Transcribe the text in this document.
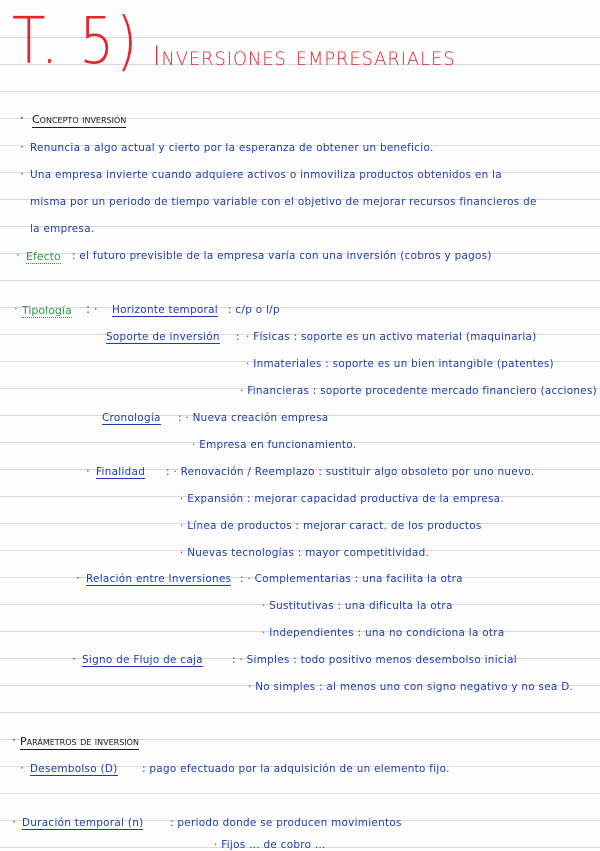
T. 5) Inversiones empresariales
· Concepto inversión
· Renuncia a algo actual y cierto por la esperanza de obtener un beneficio.
· Una empresa invierte cuando adquiere activos o inmoviliza productos obtenidos en la
misma por un periodo de tiempo variable con el objetivo de mejorar recursos financieros de
la empresa.
· Efecto : el futuro previsible de la empresa varía con una inversión (cobros y pagos)
· Tipología : · Horizonte temporal : c/p o l/p
Soporte de inversión : · Físicas : soporte es un activo material (maquinaria)
· Inmateriales : soporte es un bien intangible (patentes)
· Financieras : soporte procedente mercado financiero (acciones)
Cronología : · Nueva creación empresa
· Empresa en funcionamiento.
· Finalidad : · Renovación / Reemplazo : sustituir algo obsoleto por uno nuevo.
· Expansión : mejorar capacidad productiva de la empresa.
· Línea de productos : mejorar caract. de los productos
· Nuevas tecnologías : mayor competitividad.
· Relación entre Inversiones : · Complementarias : una facilita la otra
· Sustitutivas : una dificulta la otra
· Independientes : una no condiciona la otra
· Signo de Flujo de caja	: · Simples : todo positivo menos desembolso inicial
· No simples : al menos uno con signo negativo y no sea D.
· Parámetros de inversión
· Desembolso (D) : pago efectuado por la adquisición de un elemento fijo.
· Duración temporal (n)	: periodo donde se producen movimientos
· Fijos ... de cobro ...
